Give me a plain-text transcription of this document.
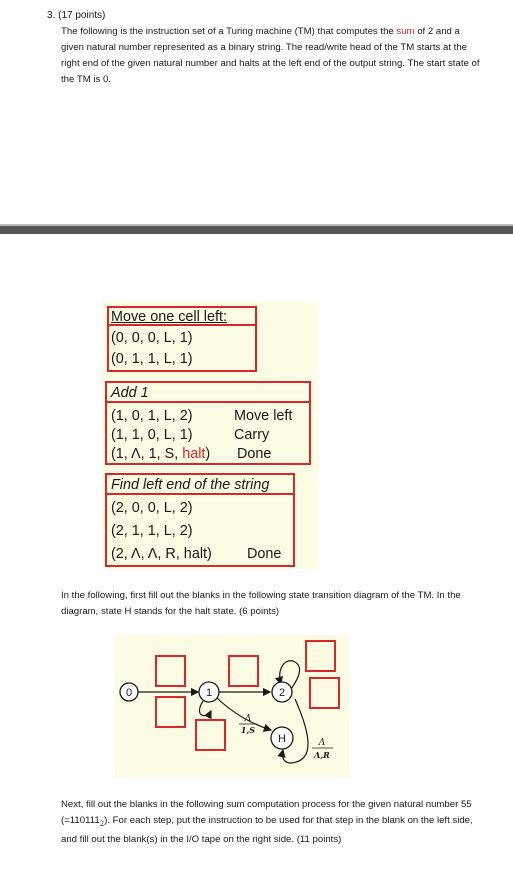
3. (17 points)
The following is the instruction set of a Turing machine (TM) that computes the sum of 2 and a given natural number represented as a binary string. The read/write head of the TM starts at the right end of the given natural number and halts at the left end of the output string. The start state of the TM is 0.
Move one cell left:
(0, 0, 0, L, 1)
(0, 1, 1, L, 1)
Add 1
(1, 0, 1, L, 2)
(1, 1, 0, L, 1)
(1, Λ, 1, S, halt)
Move left
Carry
Done
Find left end of the string
(2, 0, 0, L, 2)
(2, 1, 1, L, 2)
(2, Λ, Λ, R, halt) Done
In the following, first fill out the blanks in the following state transition diagram of the TM. In the diagram, state H stands for the halt state. (6 points)
0	1	2
H
Λ
1,S
Λ
Λ,R
Next, fill out the blanks in the following sum computation process for the given natural number 55 $(=110111_2)$. For each step, put the instruction to be used for that step in the blank on the left side, and fill out the blank(s) in the I/O tape on the right side. (11 points)
